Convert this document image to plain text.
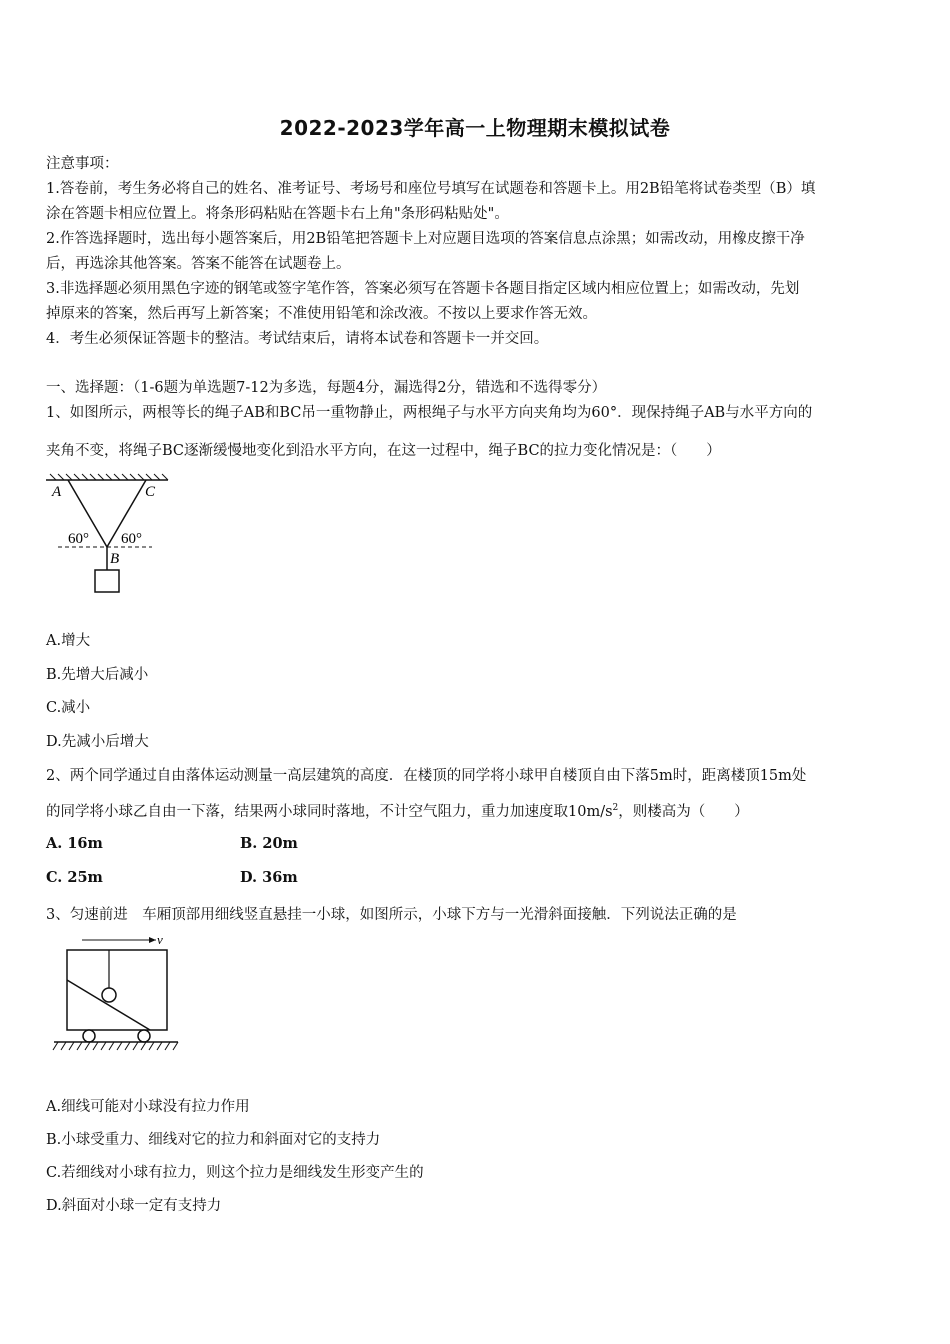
2022-2023学年高一上物理期末模拟试卷
注意事项：
1.答卷前，考生务必将自己的姓名、准考证号、考场号和座位号填写在试题卷和答题卡上。用2B铅笔将试卷类型（B）填
涂在答题卡相应位置上。将条形码粘贴在答题卡右上角"条形码粘贴处"。
2.作答选择题时，选出每小题答案后，用2B铅笔把答题卡上对应题目选项的答案信息点涂黑；如需改动，用橡皮擦干净
后，再选涂其他答案。答案不能答在试题卷上。
3.非选择题必须用黑色字迹的钢笔或签字笔作答，答案必须写在答题卡各题目指定区域内相应位置上；如需改动，先划
掉原来的答案，然后再写上新答案；不准使用铅笔和涂改液。不按以上要求作答无效。
4．考生必须保证答题卡的整洁。考试结束后，请将本试卷和答题卡一并交回。
一、选择题：（1-6题为单选题7-12为多选，每题4分，漏选得2分，错选和不选得零分）
1、如图所示，两根等长的绳子AB和BC吊一重物静止，两根绳子与水平方向夹角均为60°．现保持绳子AB与水平方向的
夹角不变，将绳子BC逐渐缓慢地变化到沿水平方向，在这一过程中，绳子BC的拉力变化情况是：（　　）
A	C
B
60° 60°
A.增大
B.先增大后减小
C.减小
D.先减小后增大
2、两个同学通过自由落体运动测量一高层建筑的高度．在楼顶的同学将小球甲自楼顶自由下落5m时，距离楼顶15m处
的同学将小球乙自由一下落，结果两小球同时落地，不计空气阻力，重力加速度取$10m/s^2$，则楼高为（　　）
A. 16m	B. 20m
C. 25m	D. 36m
3、匀速前进　车厢顶部用细线竖直悬挂一小球，如图所示，小球下方与一光滑斜面接触．下列说法正确的是
v
A.细线可能对小球没有拉力作用
B.小球受重力、细线对它的拉力和斜面对它的支持力
C.若细线对小球有拉力，则这个拉力是细线发生形变产生的
D.斜面对小球一定有支持力
